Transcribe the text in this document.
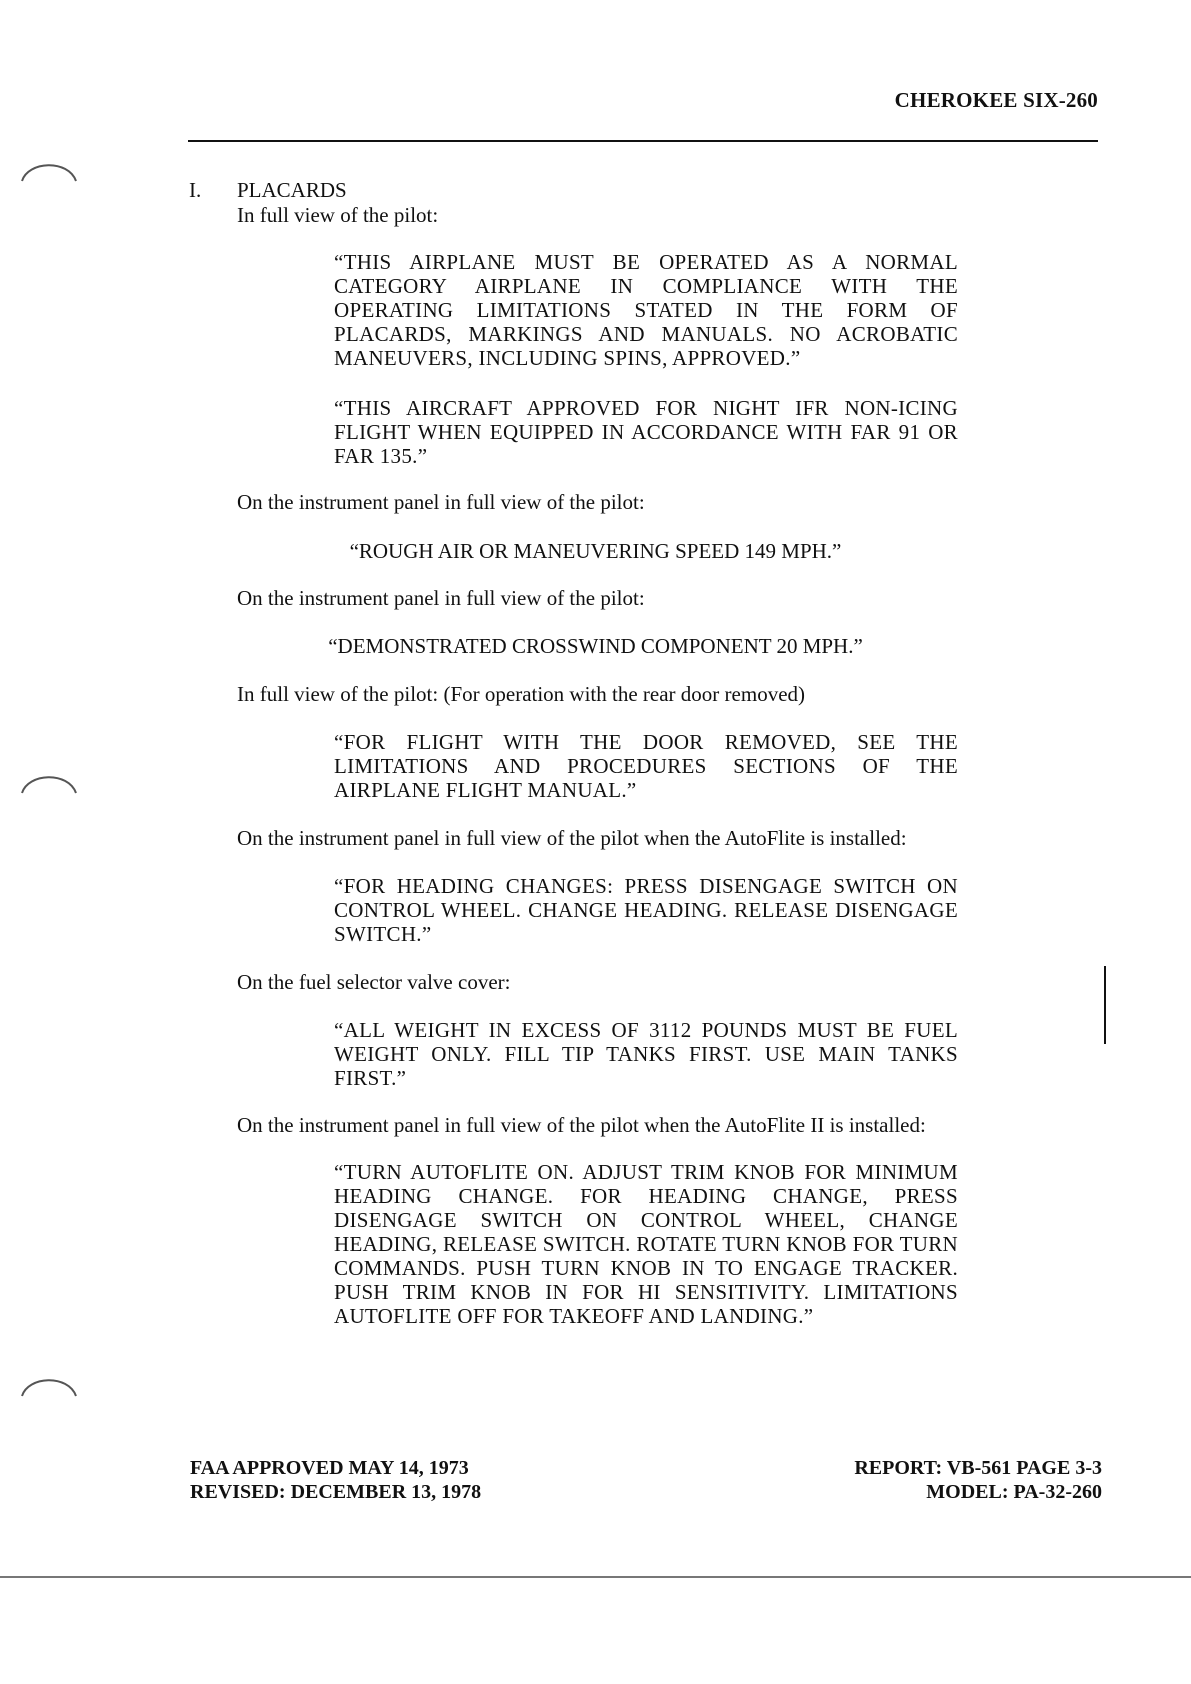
CHEROKEE SIX-260
I. PLACARDS
In full view of the pilot:
“THIS AIRPLANE MUST BE OPERATED AS A NORMAL CATEGORY AIRPLANE IN COMPLIANCE WITH THE OPERATING LIMITATIONS STATED IN THE FORM OF PLACARDS, MARKINGS AND MANUALS. NO ACROBATIC MANEUVERS, INCLUDING SPINS, APPROVED.”
“THIS AIRCRAFT APPROVED FOR NIGHT IFR NON-ICING FLIGHT WHEN EQUIPPED IN ACCORDANCE WITH FAR 91 OR FAR 135.”
On the instrument panel in full view of the pilot:
“ROUGH AIR OR MANEUVERING SPEED 149 MPH.”
On the instrument panel in full view of the pilot:
“DEMONSTRATED CROSSWIND COMPONENT 20 MPH.”
In full view of the pilot: (For operation with the rear door removed)
“FOR FLIGHT WITH THE DOOR REMOVED, SEE THE LIMITATIONS AND PROCEDURES SECTIONS OF THE AIRPLANE FLIGHT MANUAL.”
On the instrument panel in full view of the pilot when the AutoFlite is installed:
“FOR HEADING CHANGES: PRESS DISENGAGE SWITCH ON CONTROL WHEEL. CHANGE HEADING. RELEASE DISENGAGE SWITCH.”
On the fuel selector valve cover:
“ALL WEIGHT IN EXCESS OF 3112 POUNDS MUST BE FUEL WEIGHT ONLY. FILL TIP TANKS FIRST. USE MAIN TANKS FIRST.”
On the instrument panel in full view of the pilot when the AutoFlite II is installed:
“TURN AUTOFLITE ON. ADJUST TRIM KNOB FOR MINIMUM HEADING CHANGE. FOR HEADING CHANGE, PRESS DISENGAGE SWITCH ON CONTROL WHEEL, CHANGE HEADING, RELEASE SWITCH. ROTATE TURN KNOB FOR TURN COMMANDS. PUSH TURN KNOB IN TO ENGAGE TRACKER. PUSH TRIM KNOB IN FOR HI SENSITIVITY. LIMITATIONS AUTOFLITE OFF FOR TAKEOFF AND LANDING.”
FAA APPROVED MAY 14, 1973
REVISED: DECEMBER 13, 1978
REPORT: VB-561 PAGE 3-3
MODEL: PA-32-260
